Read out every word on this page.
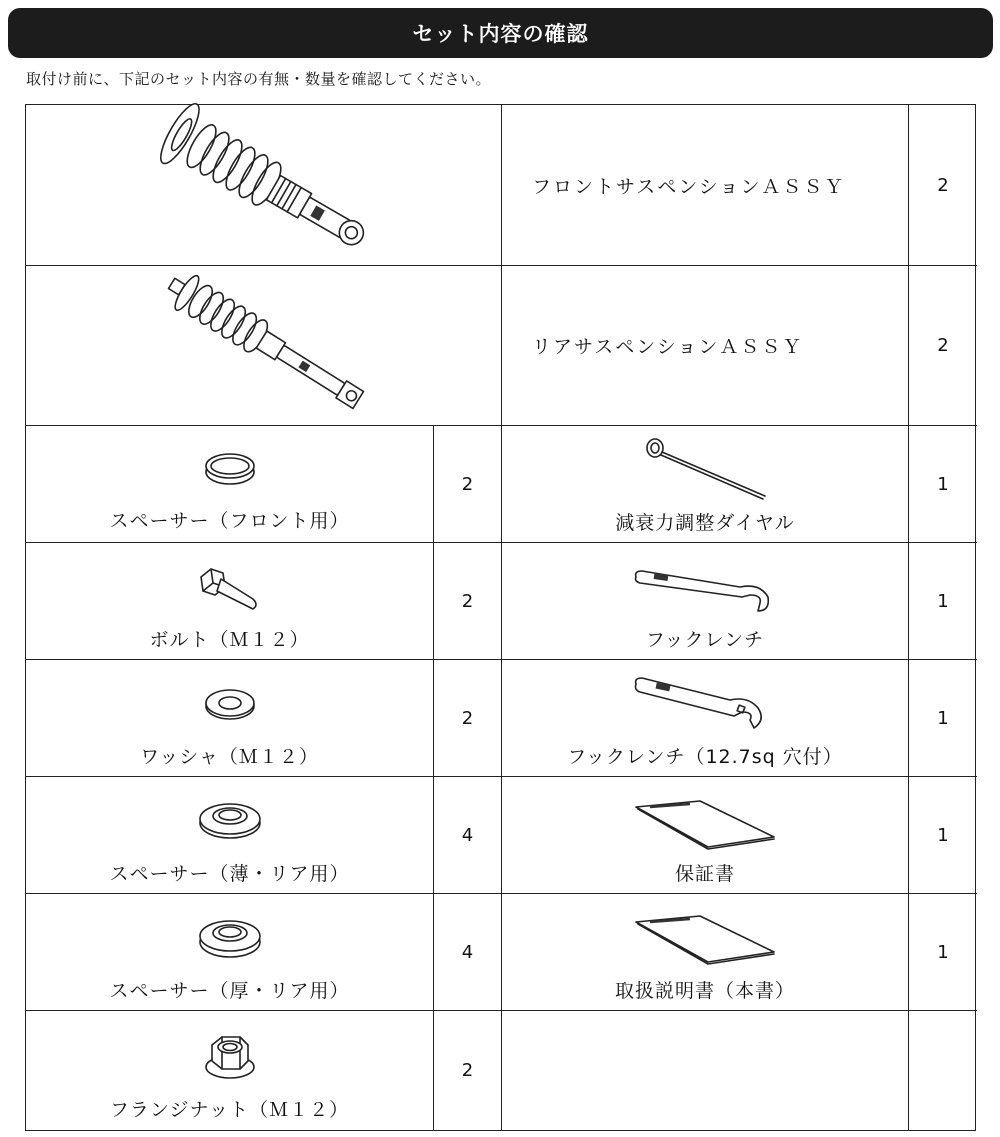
セット内容の確認
取付け前に、下記のセット内容の有無・数量を確認してください。
フロントサスペンションＡＳＳＹ	2
リアサスペンションＡＳＳＹ	2
スペーサー（フロント用）
2
減衰力調整ダイヤル
1
ボルト（Ｍ１２）
2
フックレンチ
1
ワッシャ（Ｍ１２）
2
フックレンチ（12.7sq 穴付）
1
スペーサー（薄・リア用）
4
保証書
1
スペーサー（厚・リア用）
4
取扱説明書（本書）
1
フランジナット（Ｍ１２）
2
